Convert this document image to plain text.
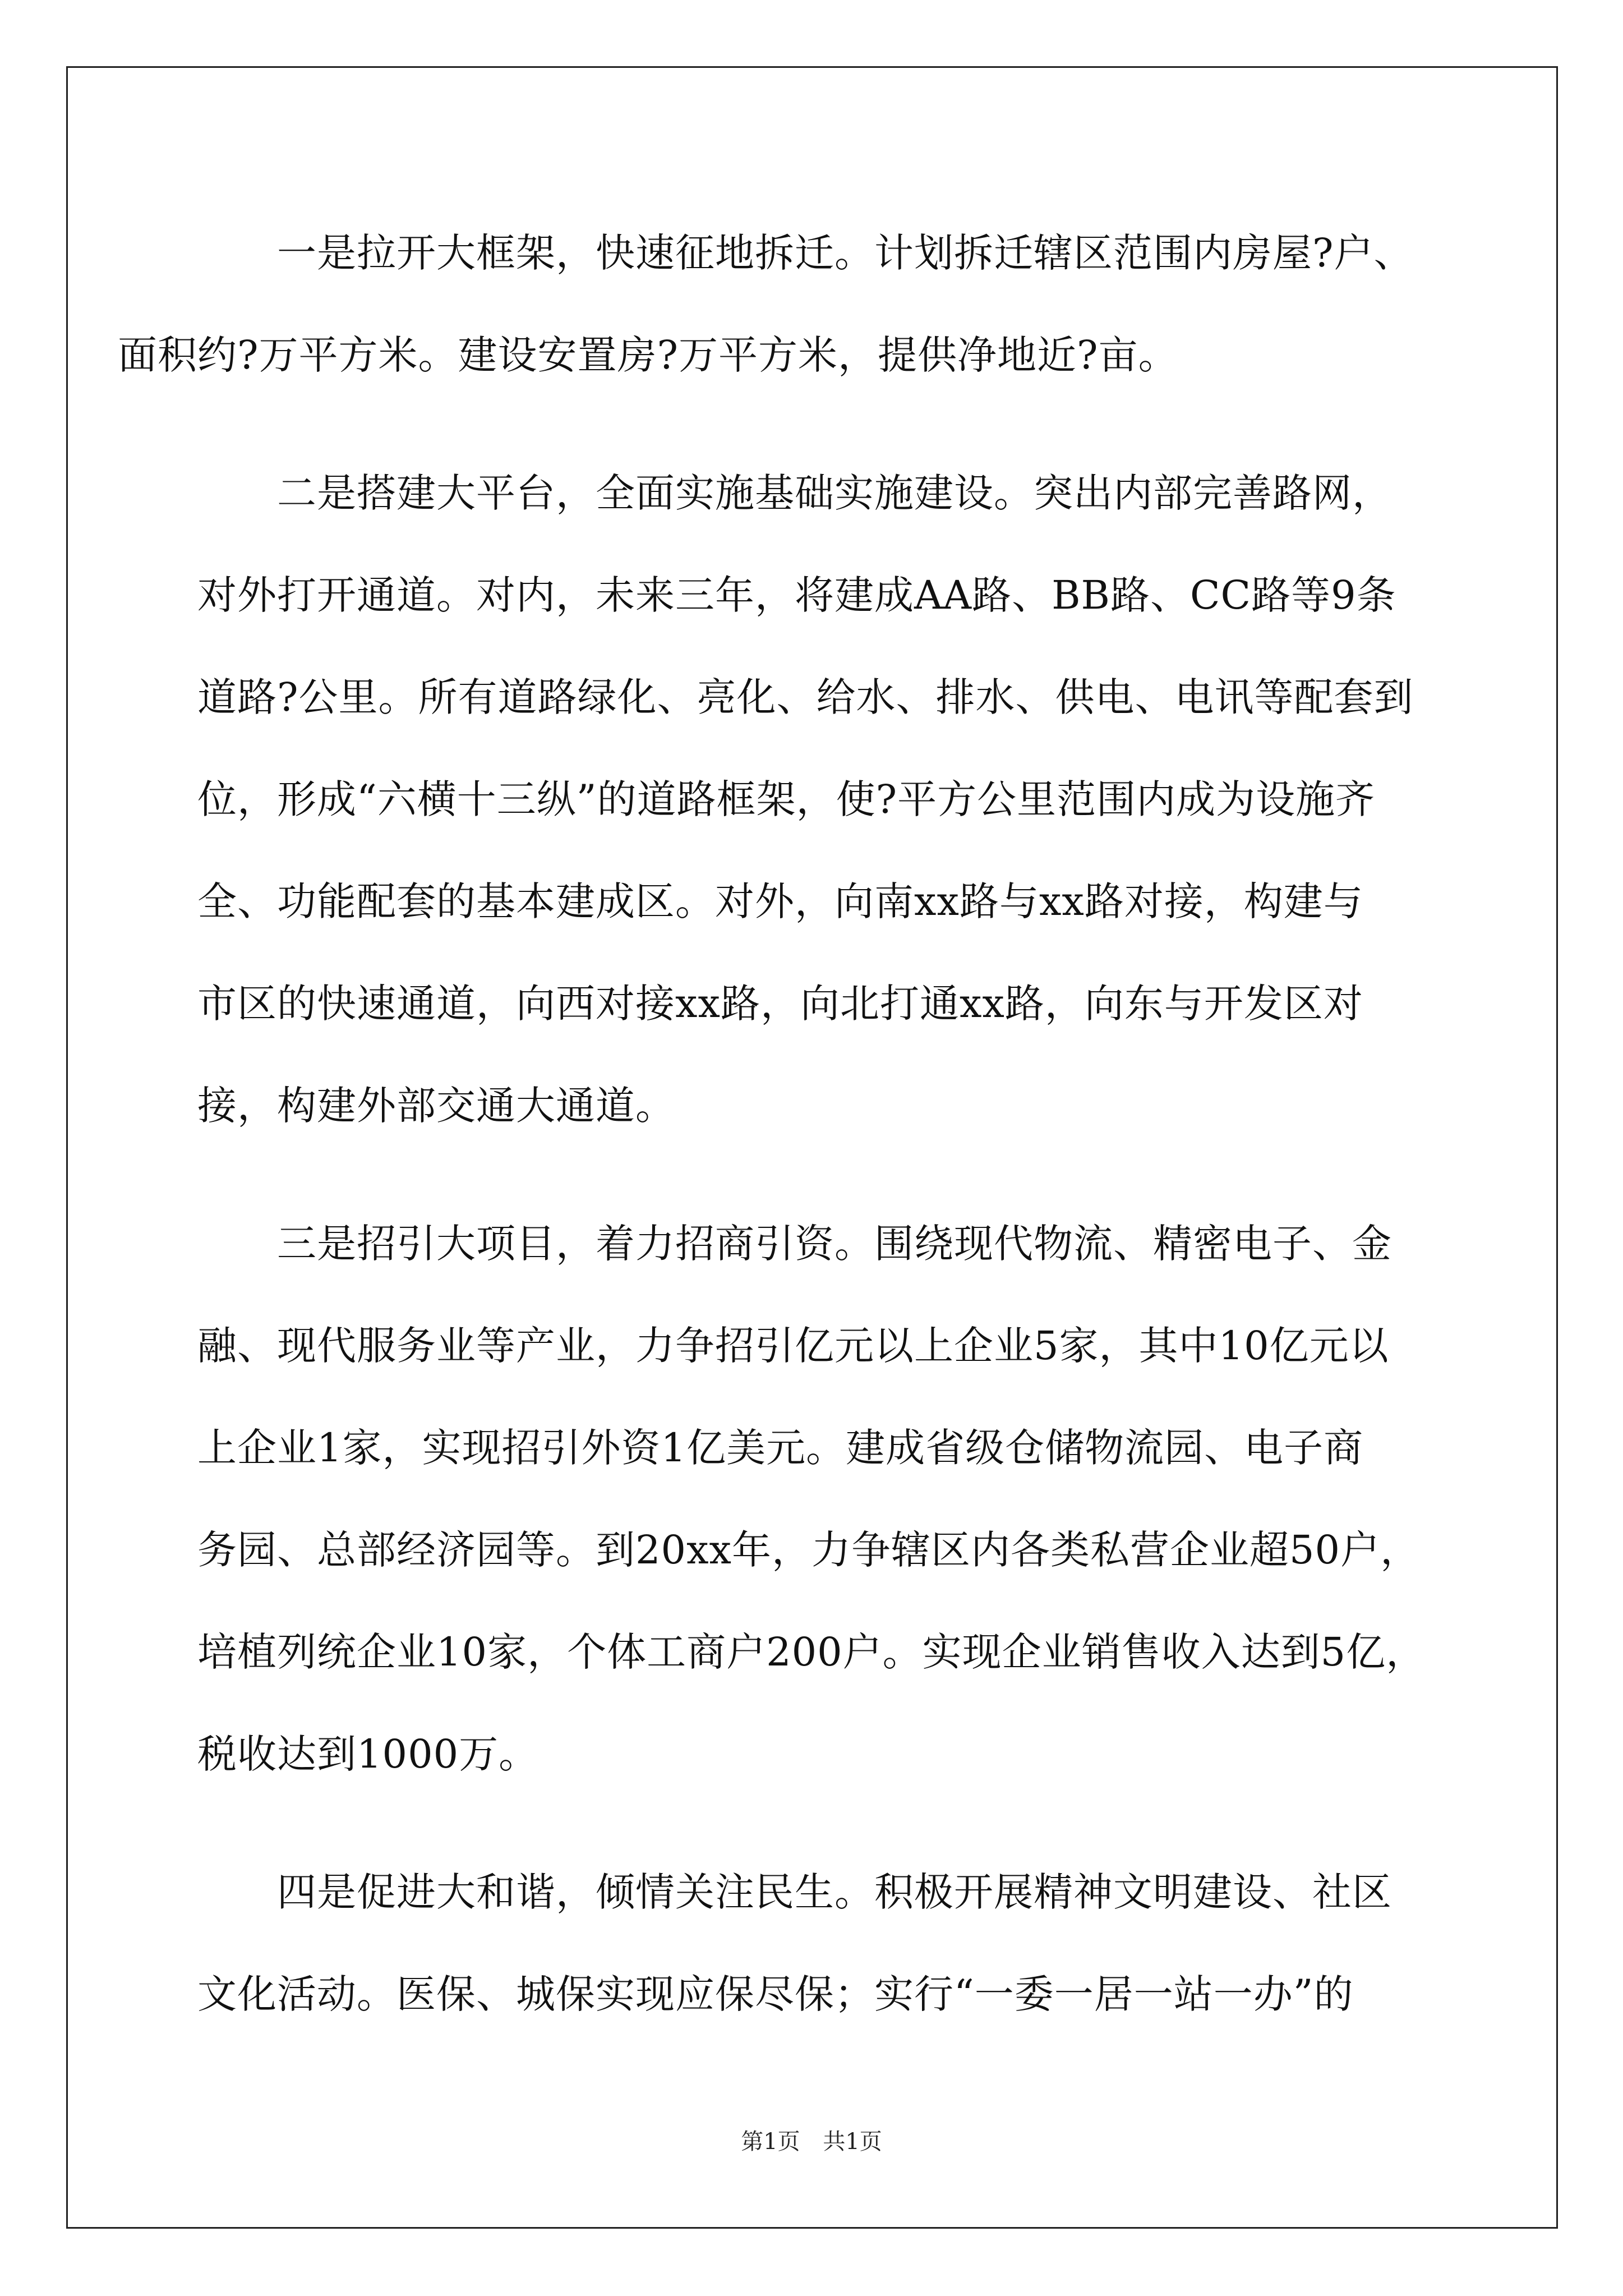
一是拉开大框架，快速征地拆迁。计划拆迁辖区范围内房屋?户、
面积约?万平方米。建设安置房?万平方米，提供净地近?亩。

二是搭建大平台，全面实施基础实施建设。突出内部完善路网，
对外打开通道。对内，未来三年，将建成AA路、BB路、CC路等9条
道路?公里。所有道路绿化、亮化、给水、排水、供电、电讯等配套到
位，形成“六横十三纵”的道路框架，使?平方公里范围内成为设施齐
全、功能配套的基本建成区。对外，向南xx路与xx路对接，构建与
市区的快速通道，向西对接xx路，向北打通xx路，向东与开发区对
接，构建外部交通大通道。

三是招引大项目，着力招商引资。围绕现代物流、精密电子、金
融、现代服务业等产业，力争招引亿元以上企业5家，其中10亿元以
上企业1家，实现招引外资1亿美元。建成省级仓储物流园、电子商
务园、总部经济园等。到20xx年，力争辖区内各类私营企业超50户，
培植列统企业10家，个体工商户200户。实现企业销售收入达到5亿，
税收达到1000万。

四是促进大和谐，倾情关注民生。积极开展精神文明建设、社区
文化活动。医保、城保实现应保尽保；实行“一委一居一站一办”的

第1页 共1页
